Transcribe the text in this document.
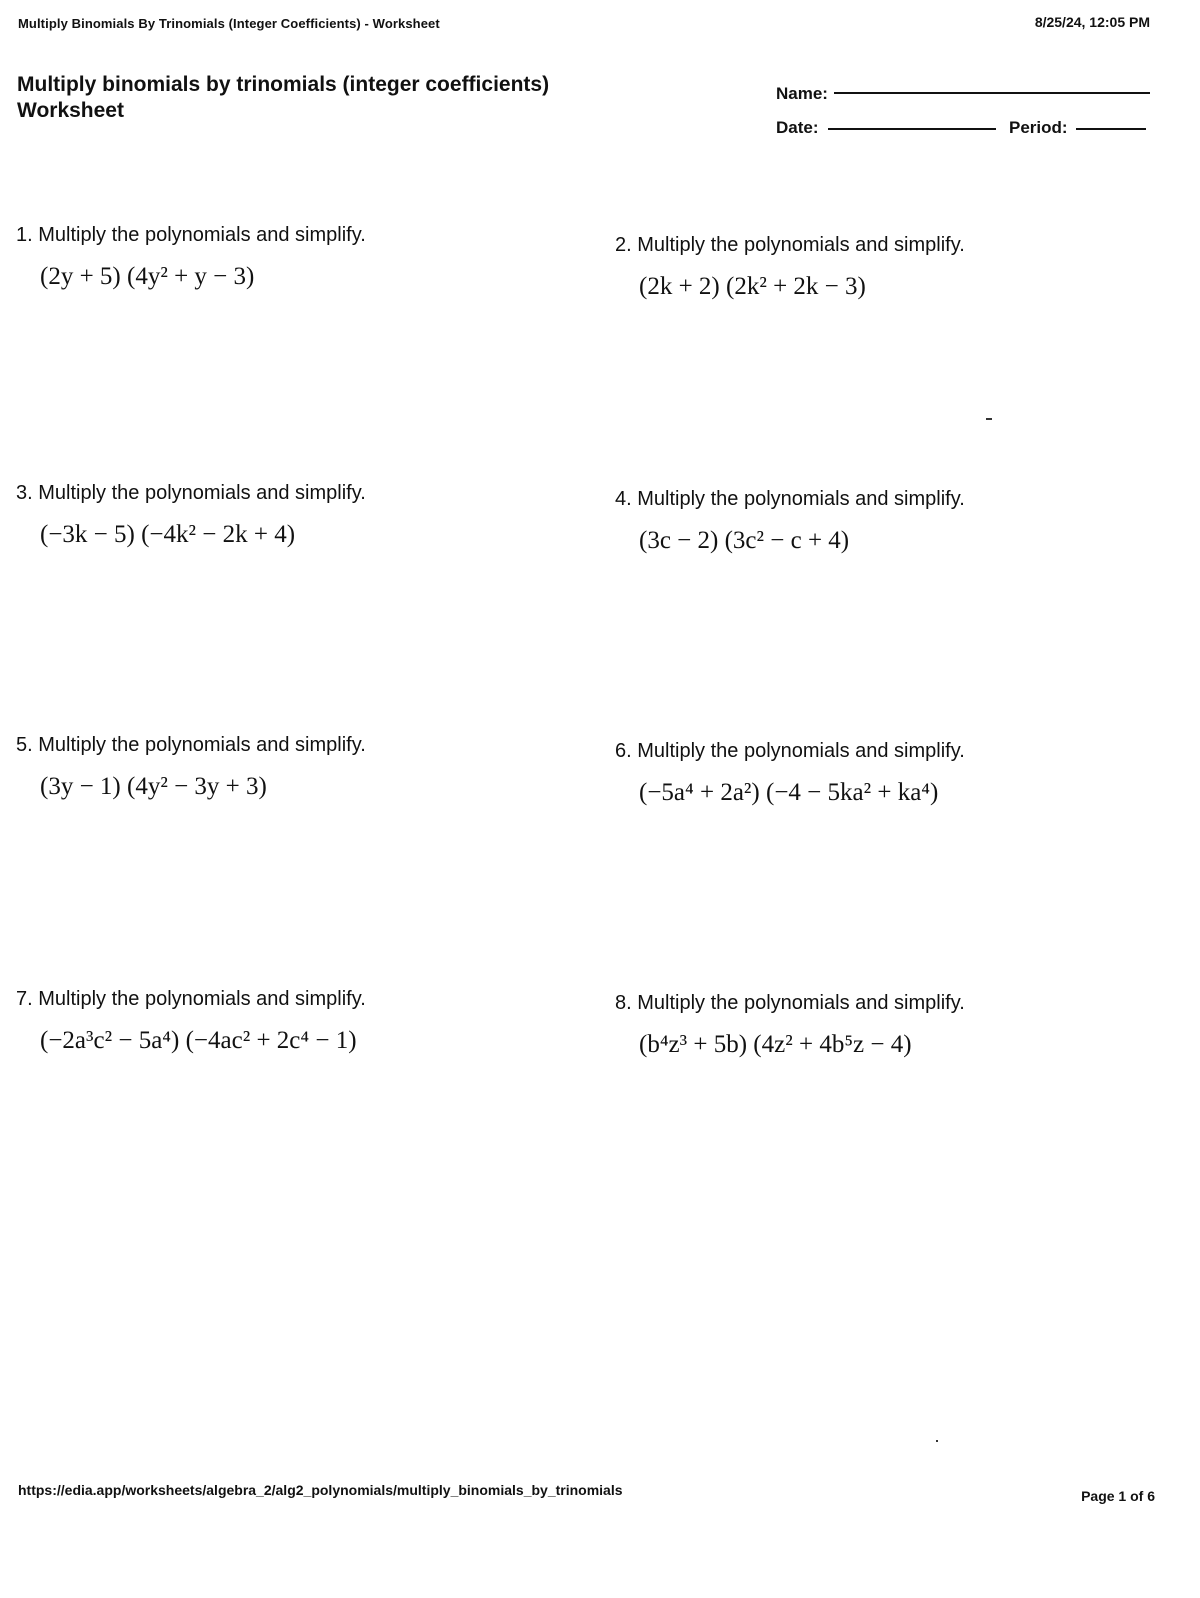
Multiply Binomials By Trinomials (Integer Coefficients) - Worksheet	8/25/24, 12:05 PM
Multiply binomials by trinomials (integer coefficients)
Worksheet
Name:
Date:	Period:
1. Multiply the polynomials and simplify.
(2y + 5) (4y² + y − 3)
2. Multiply the polynomials and simplify.
(2k + 2) (2k² + 2k − 3)
3. Multiply the polynomials and simplify.
(−3k − 5) (−4k² − 2k + 4)
4. Multiply the polynomials and simplify.
(3c − 2) (3c² − c + 4)
5. Multiply the polynomials and simplify.
(3y − 1) (4y² − 3y + 3)
6. Multiply the polynomials and simplify.
(−5a⁴ + 2a²) (−4 − 5ka² + ka⁴)
7. Multiply the polynomials and simplify.
(−2a³c² − 5a⁴) (−4ac² + 2c⁴ − 1)
8. Multiply the polynomials and simplify.
(b⁴z³ + 5b) (4z² + 4b⁵z − 4)
https://edia.app/worksheets/algebra_2/alg2_polynomials/multiply_binomials_by_trinomials	Page 1 of 6
